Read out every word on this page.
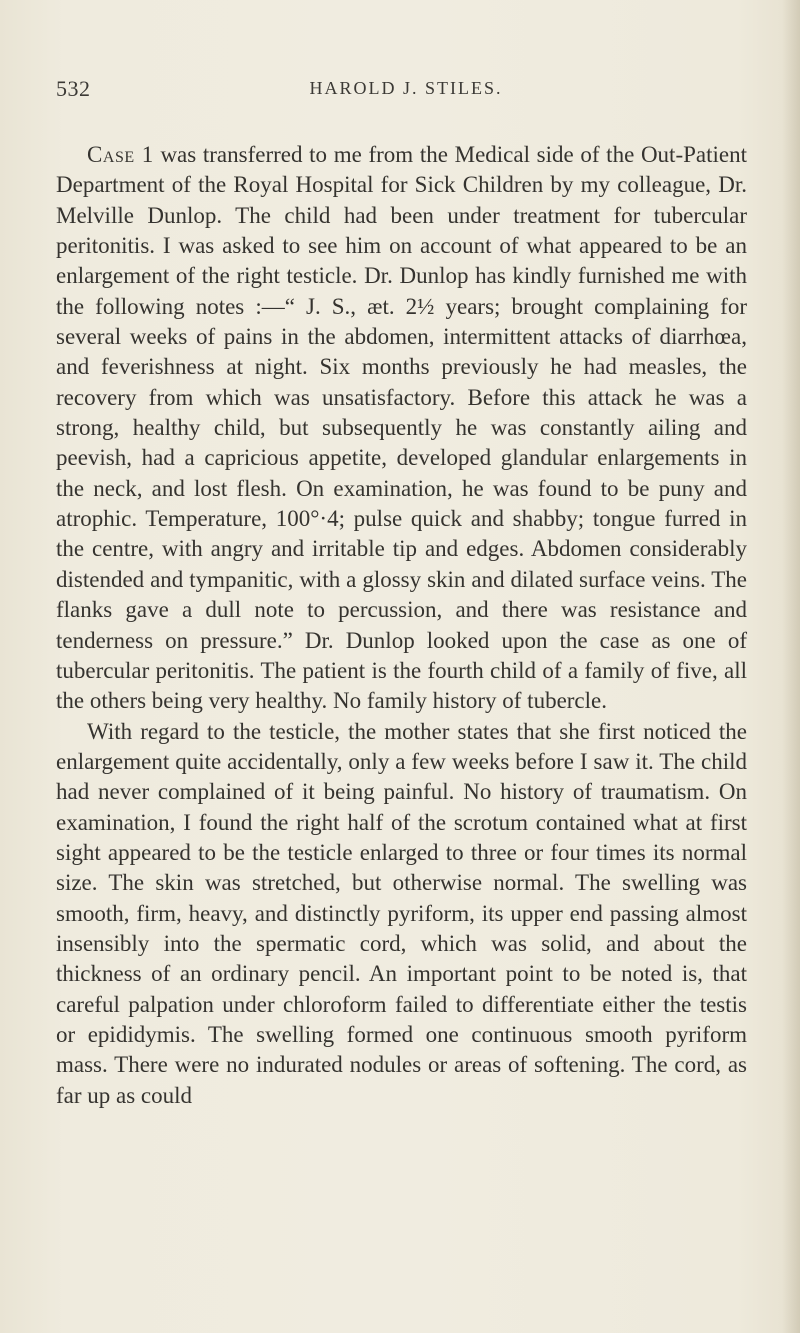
532	HAROLD J. STILES.

Case 1 was transferred to me from the Medical side of the Out-Patient Department of the Royal Hospital for Sick Children by my colleague, Dr. Melville Dunlop. The child had been under treatment for tubercular peritonitis. I was asked to see him on account of what appeared to be an enlargement of the right testicle. Dr. Dunlop has kindly furnished me with the following notes :—“ J. S., æt. 2½ years; brought complaining for several weeks of pains in the abdomen, intermittent attacks of diarrhœa, and feverishness at night. Six months previously he had measles, the recovery from which was unsatisfactory. Before this attack he was a strong, healthy child, but subsequently he was constantly ailing and peevish, had a capricious appetite, developed glandular enlargements in the neck, and lost flesh. On examination, he was found to be puny and atrophic. Temperature, 100°·4; pulse quick and shabby; tongue furred in the centre, with angry and irritable tip and edges. Abdomen considerably distended and tympanitic, with a glossy skin and dilated surface veins. The flanks gave a dull note to percussion, and there was resistance and tenderness on pressure.” Dr. Dunlop looked upon the case as one of tubercular peritonitis. The patient is the fourth child of a family of five, all the others being very healthy. No family history of tubercle.

With regard to the testicle, the mother states that she first noticed the enlargement quite accidentally, only a few weeks before I saw it. The child had never complained of it being painful. No history of traumatism. On examination, I found the right half of the scrotum contained what at first sight appeared to be the testicle enlarged to three or four times its normal size. The skin was stretched, but otherwise normal. The swelling was smooth, firm, heavy, and distinctly pyriform, its upper end passing almost insensibly into the spermatic cord, which was solid, and about the thickness of an ordinary pencil. An important point to be noted is, that careful palpation under chloroform failed to differentiate either the testis or epididymis. The swelling formed one continuous smooth pyriform mass. There were no indurated nodules or areas of softening. The cord, as far up as could
